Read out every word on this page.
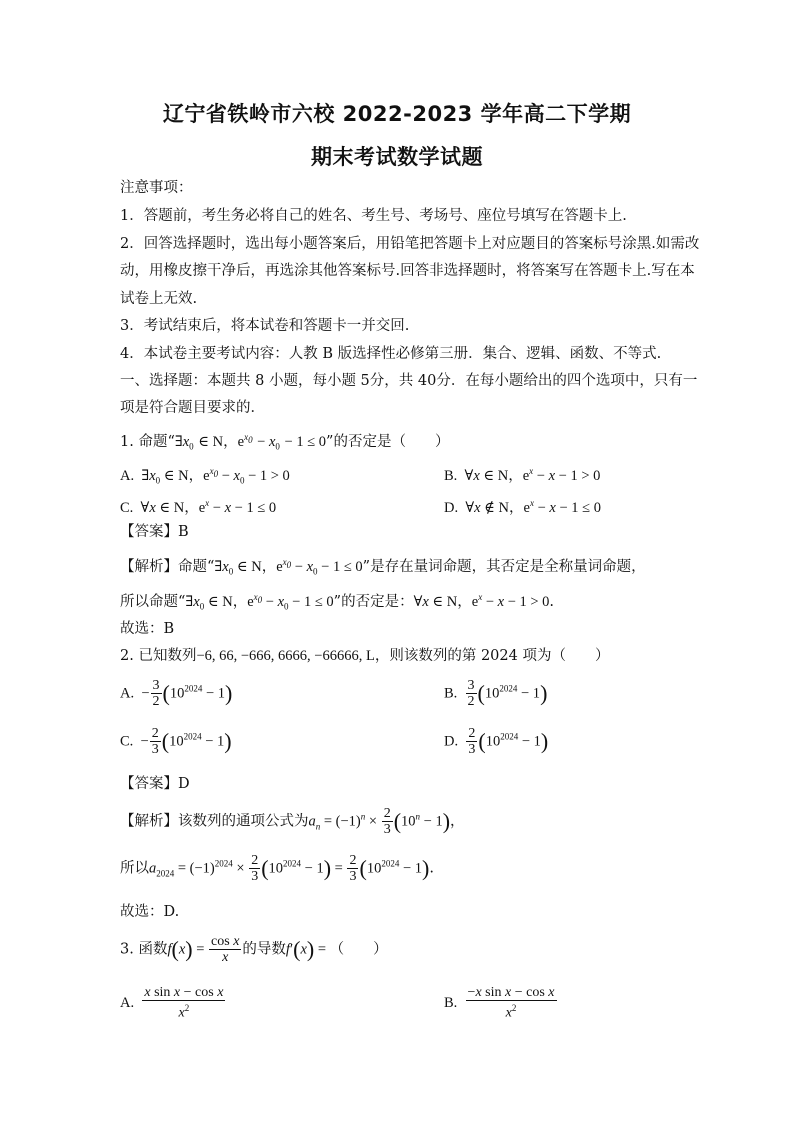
辽宁省铁岭市六校 2022-2023 学年高二下学期
期末考试数学试题
注意事项：
1．答题前，考生务必将自己的姓名、考生号、考场号、座位号填写在答题卡上.
2．回答选择题时，选出每小题答案后，用铅笔把答题卡上对应题目的答案标号涂黑.如需改
动，用橡皮擦干净后，再选涂其他答案标号.回答非选择题时，将答案写在答题卡上.写在本
试卷上无效.
3．考试结束后，将本试卷和答题卡一并交回.
4．本试卷主要考试内容：人教 B 版选择性必修第三册．集合、逻辑、函数、不等式.
一、选择题：本题共 8 小题，每小题 5分，共 40分．在每小题给出的四个选项中，只有一
项是符合题目要求的．
1. 命题“$\exists x_0$ ∈ N，$e^{x_0} - x_0 - 1 \le 0$”的否定是（　　）
A.  $\exists x_0$ ∈ N，$e^{x_0} - x_0 - 1 > 0$	B.  ∀x ∈ N，$e^x - x - 1 > 0$
C.  ∀x ∈ N，$e^x - x - 1 \le 0$	D.  ∀x ∉ N，$e^x - x - 1 \le 0$
【答案】B
【解析】命题“$\exists x_0$ ∈ N，$e^{x_0} - x_0 - 1 \le 0$”是存在量词命题，其否定是全称量词命题，
所以命题“$\exists x_0$ ∈ N，$e^{x_0} - x_0 - 1 \le 0$”的否定是：∀x ∈ N，$e^x - x - 1 > 0$.
故选：B
2. 已知数列−6, 66, −666, 6666, −66666, L，则该数列的第 2024 项为（　　）
A.  − $\frac{3}{2} (10^{2024} - 1)$	B. $\frac{3}{2} (10^{2024} - 1)$
C.  − $\frac{2}{3} (10^{2024} - 1)$	D. $\frac{2}{3} (10^{2024} - 1)$
【答案】D
【解析】该数列的通项公式为$a_n = (-1)^n \times \frac{2}{3} (10^n - 1)$，
所以$a_{2024} = (-1)^{2024} \times \frac{2}{3} (10^{2024} - 1) = \frac{2}{3} (10^{2024} - 1)$.
故选：D.
3. 函数$f(x) = \frac{\text{cos x}}{x}$ 的导数f′(x) = （　　）
A. $\frac{\text{x sin x − cos x}}{x^2}$	B. $\frac{\text{−x sin x − cos x}}{x^2}$
